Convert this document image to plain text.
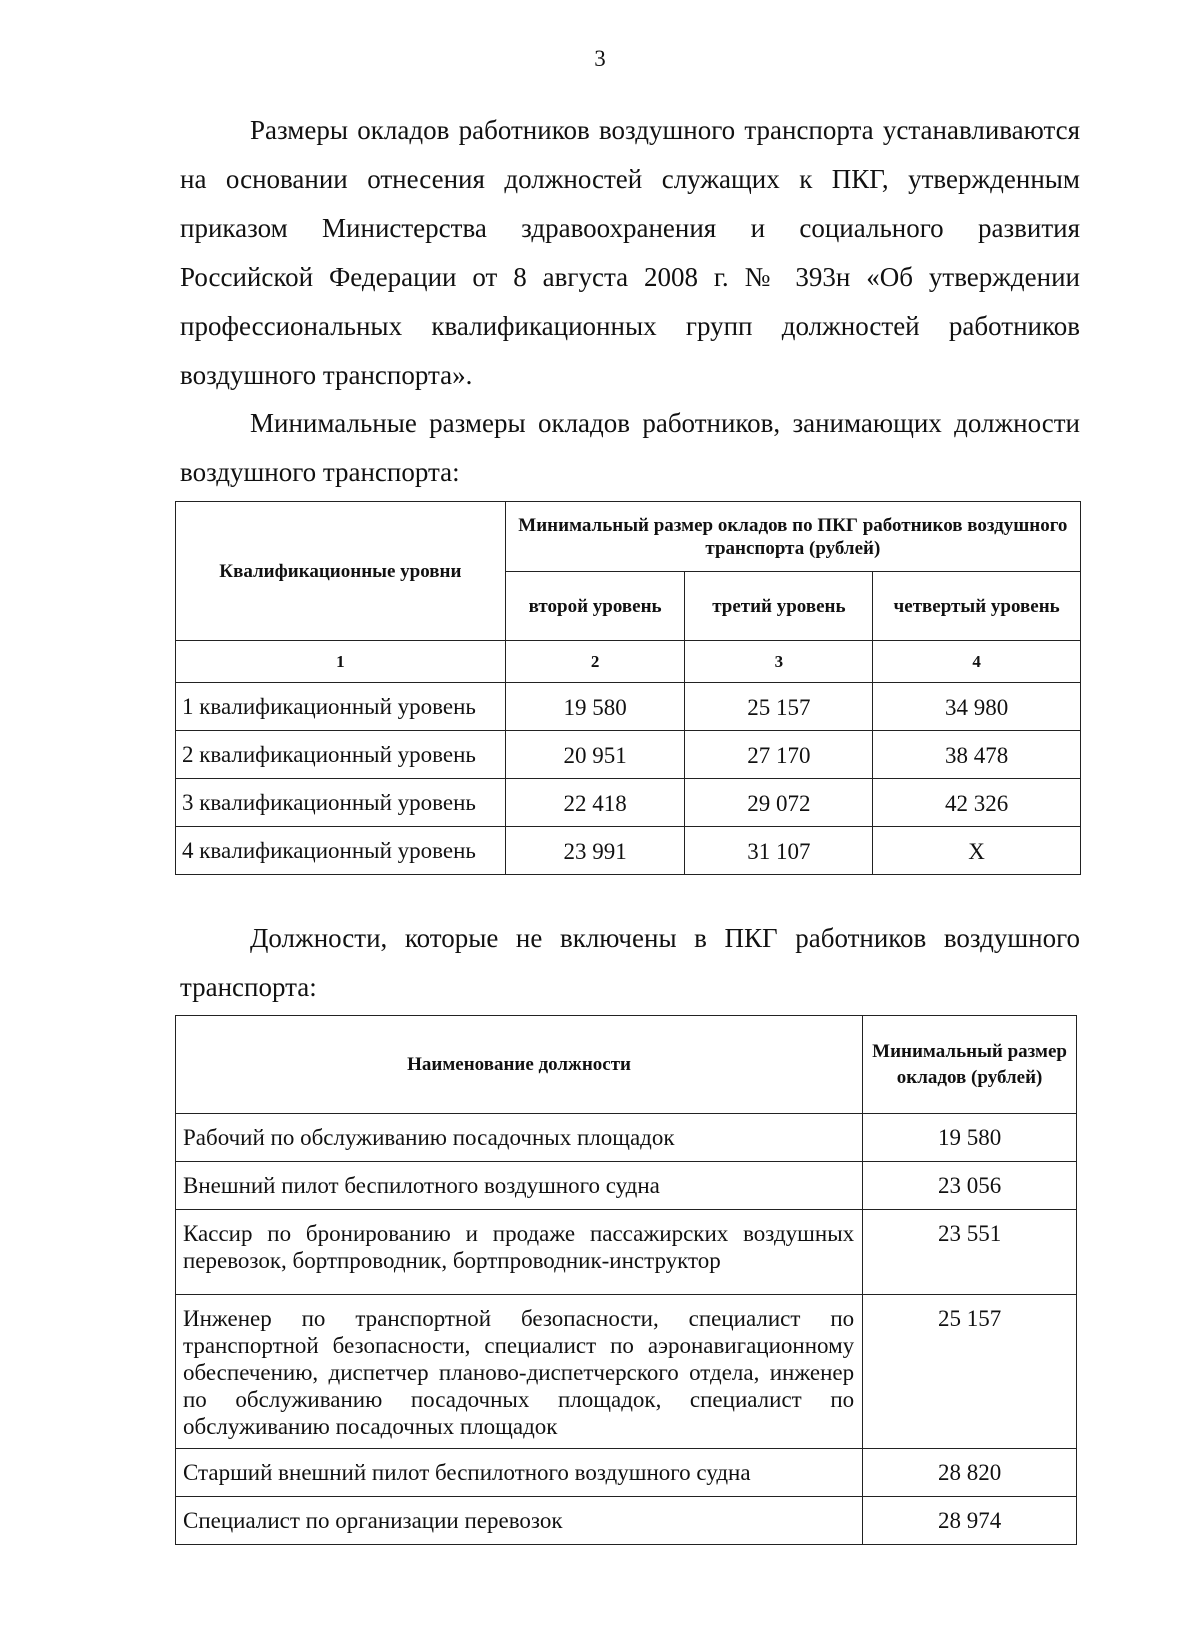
3

Размеры окладов работников воздушного транспорта устанавливаются на основании отнесения должностей служащих к ПКГ, утвержденным приказом Министерства здравоохранения и социального развития Российской Федерации от 8 августа 2008 г. № 393н «Об утверждении профессиональных квалификационных групп должностей работников воздушного транспорта».

Минимальные размеры окладов работников, занимающих должности воздушного транспорта:

Квалификационные уровни	Минимальный размер окладов по ПКГ работников воздушного транспорта (рублей)		
	второй уровень	третий уровень	четвертый уровень
1	2	3	4
1 квалификационный уровень	19 580	25 157	34 980
2 квалификационный уровень	20 951	27 170	38 478
3 квалификационный уровень	22 418	29 072	42 326
4 квалификационный уровень	23 991	31 107	X

Должности, которые не включены в ПКГ работников воздушного транспорта:

Наименование должности	Минимальный размер окладов (рублей)
Рабочий по обслуживанию посадочных площадок	19 580
Внешний пилот беспилотного воздушного судна	23 056
Кассир по бронированию и продаже пассажирских воздушных перевозок, бортпроводник, бортпроводник-инструктор	23 551
Инженер по транспортной безопасности, специалист по транспортной безопасности, специалист по аэронавигационному обеспечению, диспетчер планово-диспетчерского отдела, инженер по обслуживанию посадочных площадок, специалист по обслуживанию посадочных площадок	25 157
Старший внешний пилот беспилотного воздушного судна	28 820
Специалист по организации перевозок	28 974
